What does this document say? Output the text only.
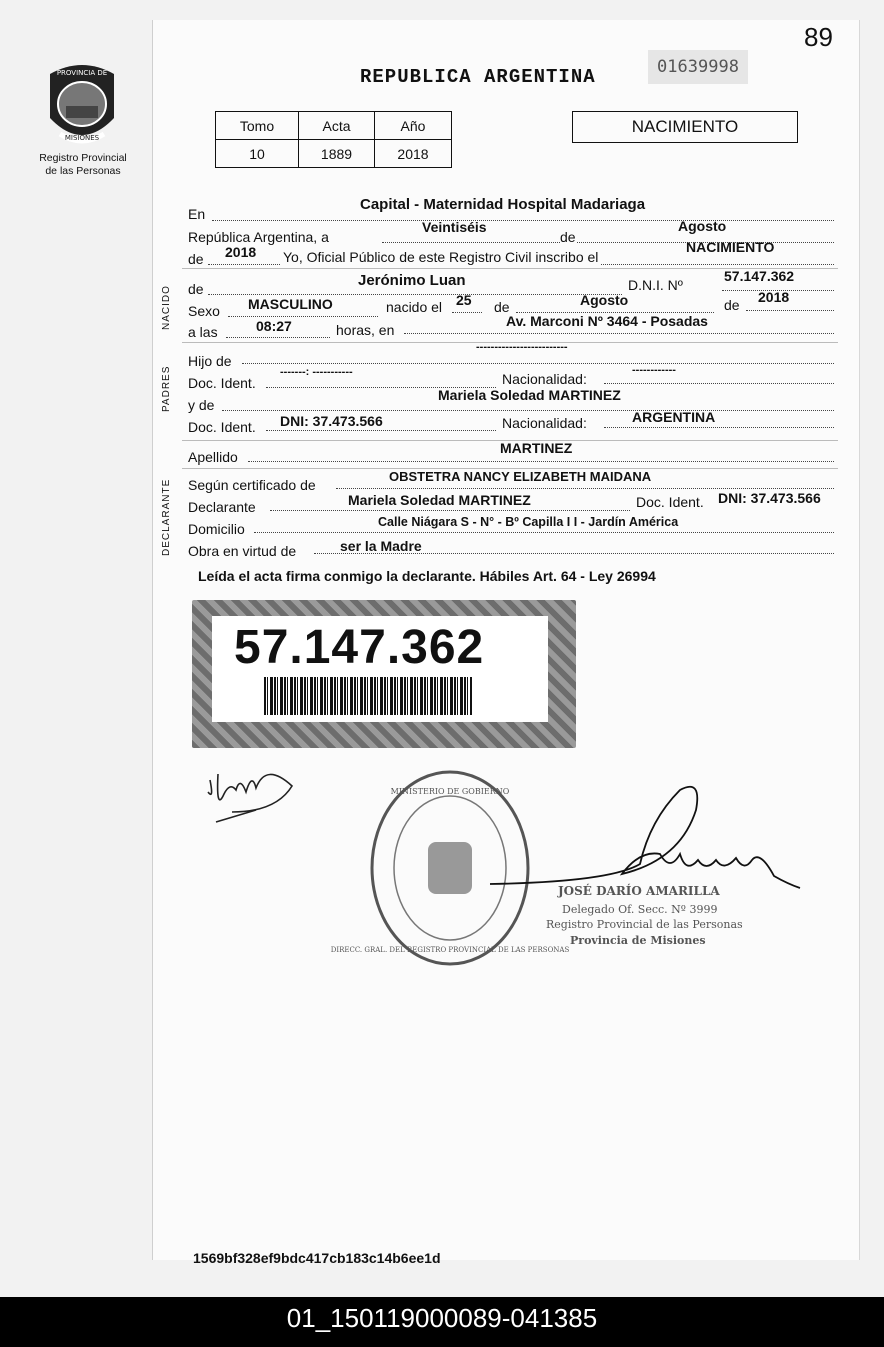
89
PROVINCIA DE
MISIONES
Registro Provincial
de las Personas
REPUBLICA ARGENTINA	01639998
Tomo	Acta	Año
10	1889	2018
NACIMIENTO
En
Capital - Maternidad Hospital Madariaga
República Argentina, a
Veintiséis
de
Agosto
de 2018 Yo, Oficial Público de este Registro Civil inscribo el
NACIMIENTO
NACIDO de	Jerónimo Luan	D.N.I. Nº
57.147.362
Sexo MASCULINO	nacido el 25 de	Agosto	de 2018
a las	08:27	horas, en
Av. Marconi Nº 3464 - Posadas
PADRES
Hijo de
-------------------------
Doc. Ident.
-------: -----------	Nacionalidad:
------------
y de
Mariela Soledad MARTINEZ
Doc. Ident. DNI: 37.473.566	Nacionalidad:	ARGENTINA
Apellido
MARTINEZ
DECLARANTE Según certificado de
OBSTETRA NANCY ELIZABETH MAIDANA
Declarante	Mariela Soledad MARTINEZ	Doc. Ident. DNI: 37.473.566
Domicilio	Calle Niágara S - N° - Bº Capilla I I - Jardín América
Obra en virtud de	ser la Madre
Leída el acta firma conmigo la declarante. Hábiles Art. 64 - Ley 26994
57.147.362
MINISTERIO DE GOBIERNO
DIRECC. GRAL. DEL REGISTRO PROVINCIAL DE LAS PERSONAS
JOSÉ DARÍO AMARILLA
Delegado Of. Secc. Nº 3999
Registro Provincial de las Personas
Provincia de Misiones
1569bf328ef9bdc417cb183c14b6ee1d
01_150119000089-041385
